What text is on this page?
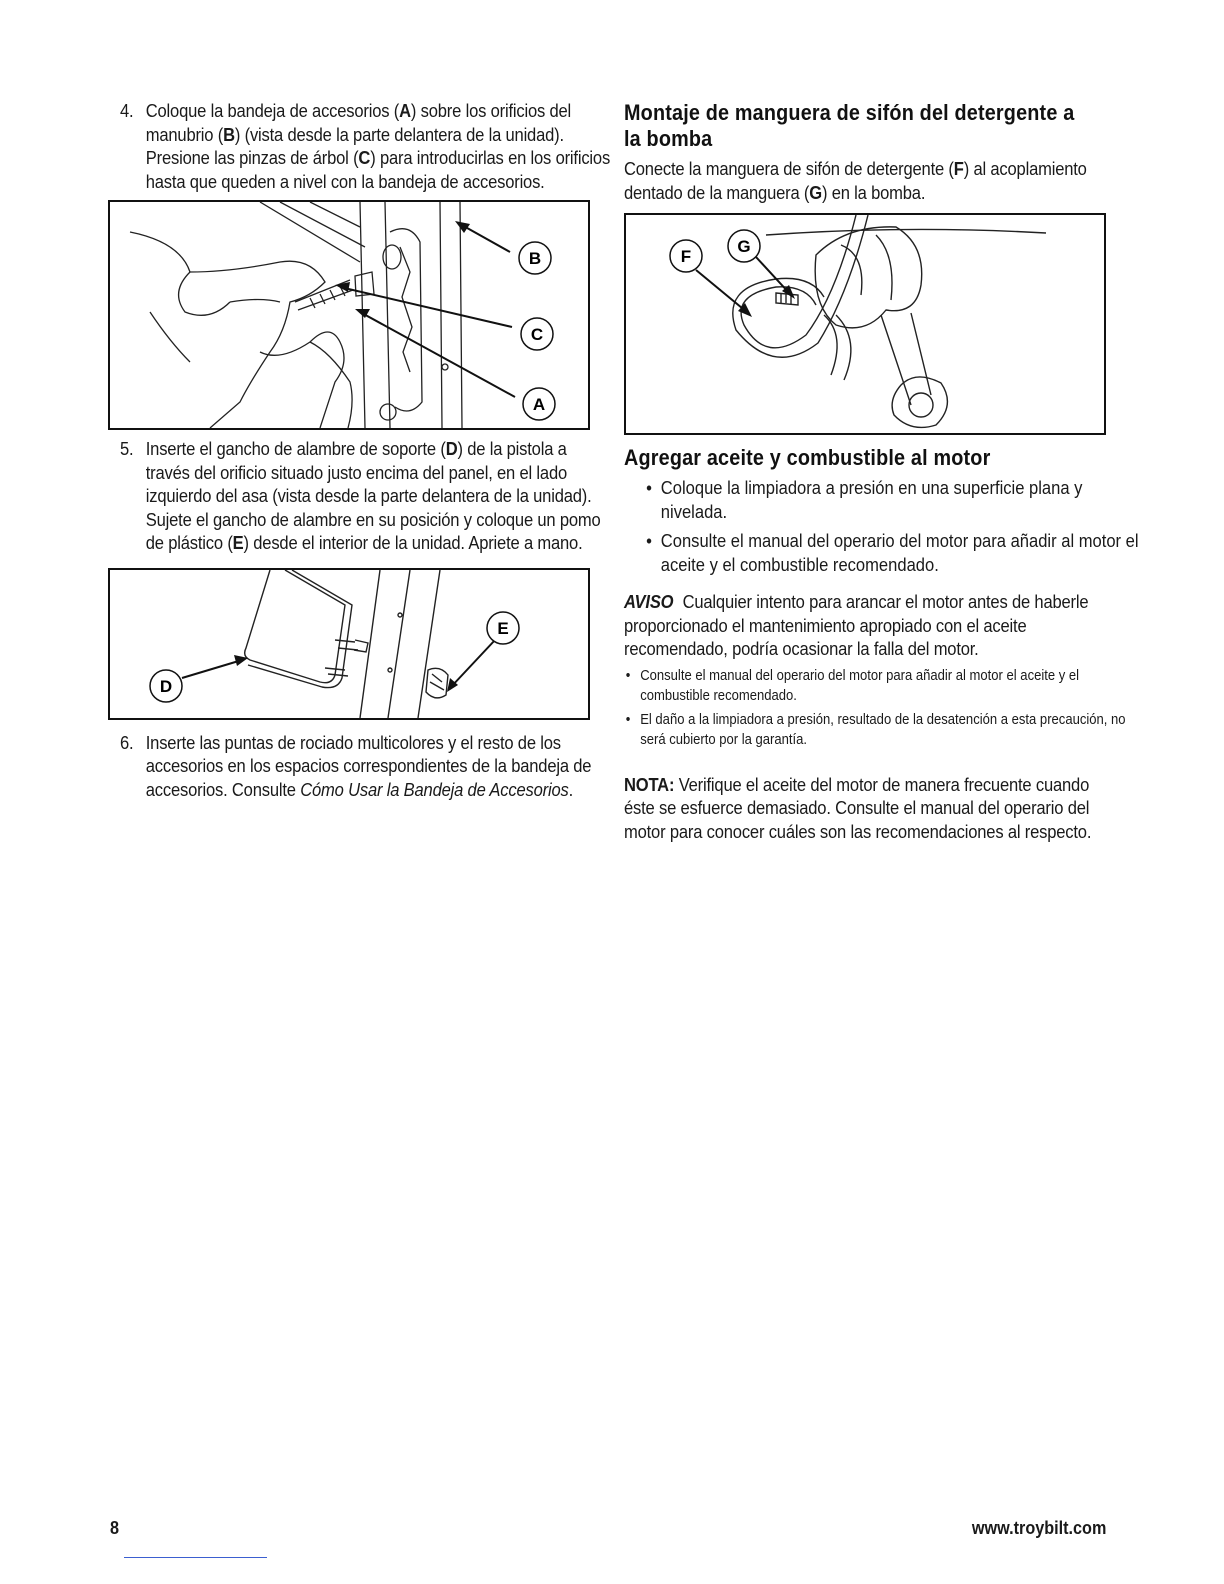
4. Coloque la bandeja de accesorios (A) sobre los orificios del manubrio (B) (vista desde la parte delantera de la unidad). Presione las pinzas de árbol (C) para introducirlas en los orificios hasta que queden a nivel con la bandeja de accesorios.
B
C
A
5. Inserte el gancho de alambre de soporte (D) de la pistola a través del orificio situado justo encima del panel, en el lado izquierdo del asa (vista desde la parte delantera de la unidad). Sujete el gancho de alambre en su posición y coloque un pomo de plástico (E) desde el interior de la unidad. Apriete a mano.
E
D
6. Inserte las puntas de rociado multicolores y el resto de los accesorios en los espacios correspondientes de la bandeja de accesorios. Consulte Cómo Usar la Bandeja de Accesorios.
Montaje de manguera de sifón del detergente a la bomba
Conecte la manguera de sifón de detergente (F) al acoplamiento dentado de la manguera (G) en la bomba.
F
G
Agregar aceite y combustible al motor
• Coloque la limpiadora a presión en una superficie plana y nivelada.
• Consulte el manual del operario del motor para añadir al motor el aceite y el combustible recomendado.
AVISO Cualquier intento para arancar el motor antes de haberle proporcionado el mantenimiento apropiado con el aceite recomendado, podría ocasionar la falla del motor.
• Consulte el manual del operario del motor para añadir al motor el aceite y el combustible recomendado.
• El daño a la limpiadora a presión, resultado de la desatención a esta precaución, no será cubierto por la garantía.
NOTA: Verifique el aceite del motor de manera frecuente cuando éste se esfuerce demasiado. Consulte el manual del operario del motor para conocer cuáles son las recomendaciones al respecto.
8	www.troybilt.com
